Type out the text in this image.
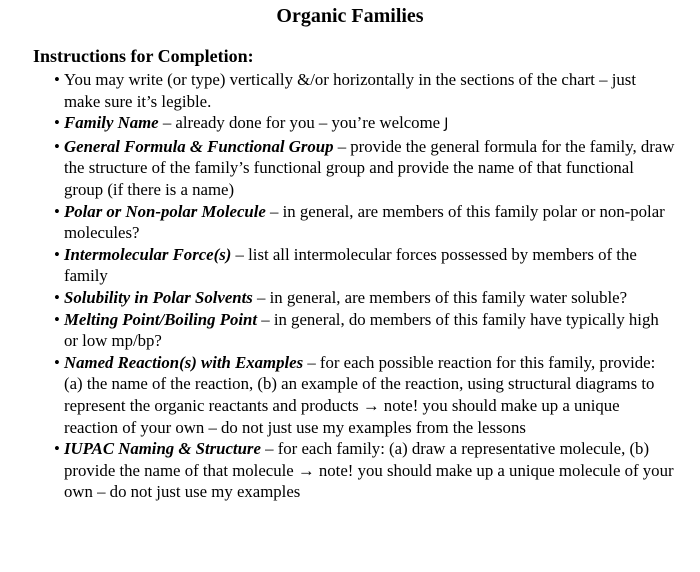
Organic Families
Instructions for Completion:
• You may write (or type) vertically &/or horizontally in the sections of the chart – just make sure it’s legible.
• Family Name – already done for you – you’re welcome J
• General Formula & Functional Group – provide the general formula for the family, draw the structure of the family’s functional group and provide the name of that functional group (if there is a name)
• Polar or Non-polar Molecule – in general, are members of this family polar or non-polar molecules?
• Intermolecular Force(s) – list all intermolecular forces possessed by members of the family
• Solubility in Polar Solvents – in general, are members of this family water soluble?
• Melting Point/Boiling Point – in general, do members of this family have typically high or low mp/bp?
• Named Reaction(s) with Examples – for each possible reaction for this family, provide: (a) the name of the reaction, (b) an example of the reaction, using structural diagrams to represent the organic reactants and products → note! you should make up a unique reaction of your own – do not just use my examples from the lessons
• IUPAC Naming & Structure – for each family: (a) draw a representative molecule, (b) provide the name of that molecule → note! you should make up a unique molecule of your own – do not just use my examples
